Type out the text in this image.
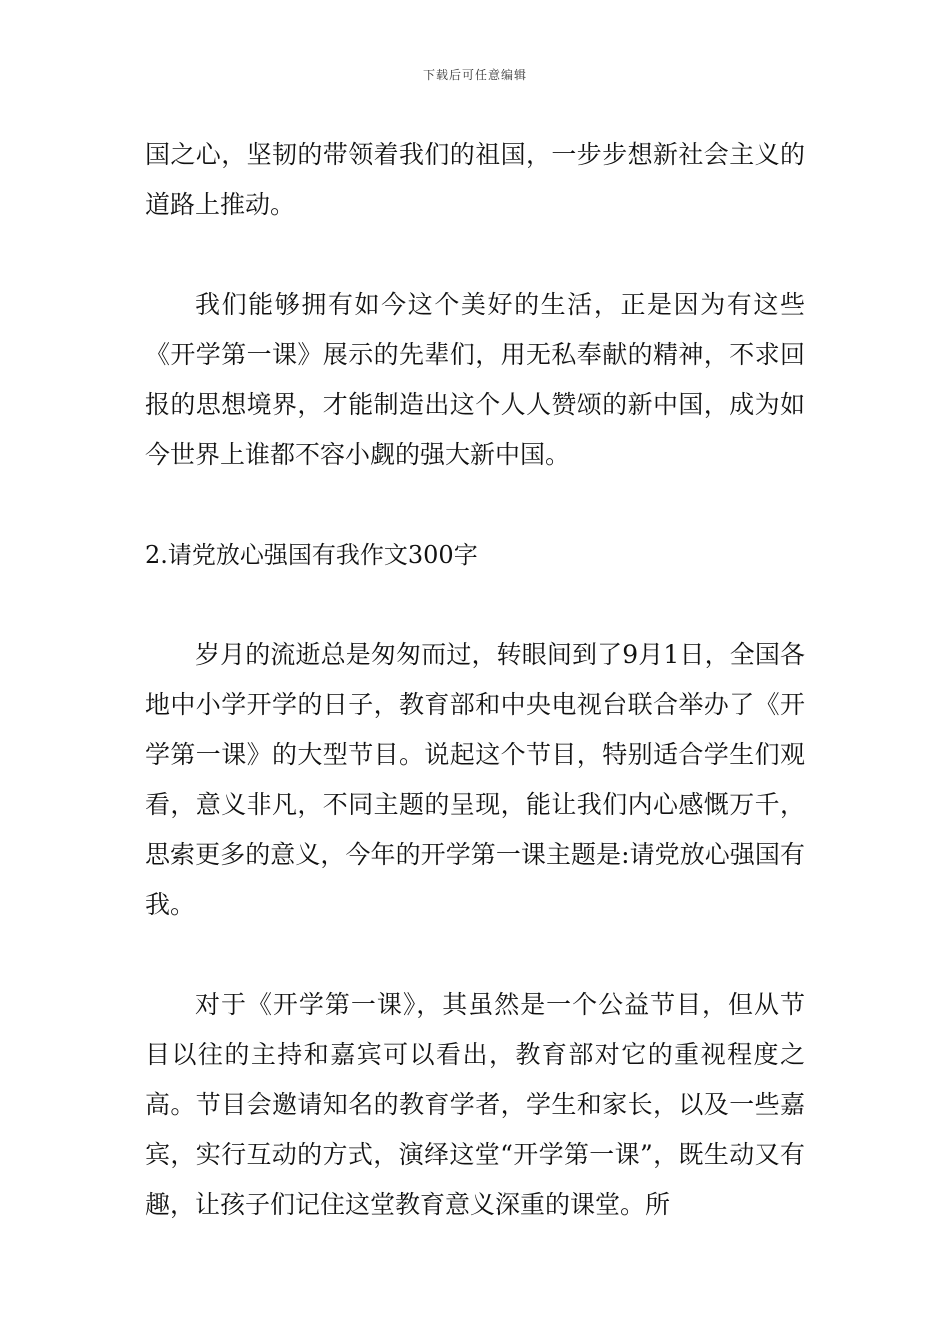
下载后可任意编辑

国之心，坚韧的带领着我们的祖国，一步步想新社会主义的道路上推动。

我们能够拥有如今这个美好的生活，正是因为有这些《开学第一课》展示的先辈们，用无私奉献的精神，不求回报的思想境界，才能制造出这个人人赞颂的新中国，成为如今世界上谁都不容小觑的强大新中国。

2.请党放心强国有我作文300字

岁月的流逝总是匆匆而过，转眼间到了9月1日，全国各地中小学开学的日子，教育部和中央电视台联合举办了《开学第一课》的大型节目。说起这个节目，特别适合学生们观看，意义非凡，不同主题的呈现，能让我们内心感慨万千，思索更多的意义，今年的开学第一课主题是:请党放心强国有我。

对于《开学第一课》，其虽然是一个公益节目，但从节目以往的主持和嘉宾可以看出，教育部对它的重视程度之高。节目会邀请知名的教育学者，学生和家长，以及一些嘉宾，实行互动的方式，演绎这堂“开学第一课”，既生动又有趣，让孩子们记住这堂教育意义深重的课堂。所
